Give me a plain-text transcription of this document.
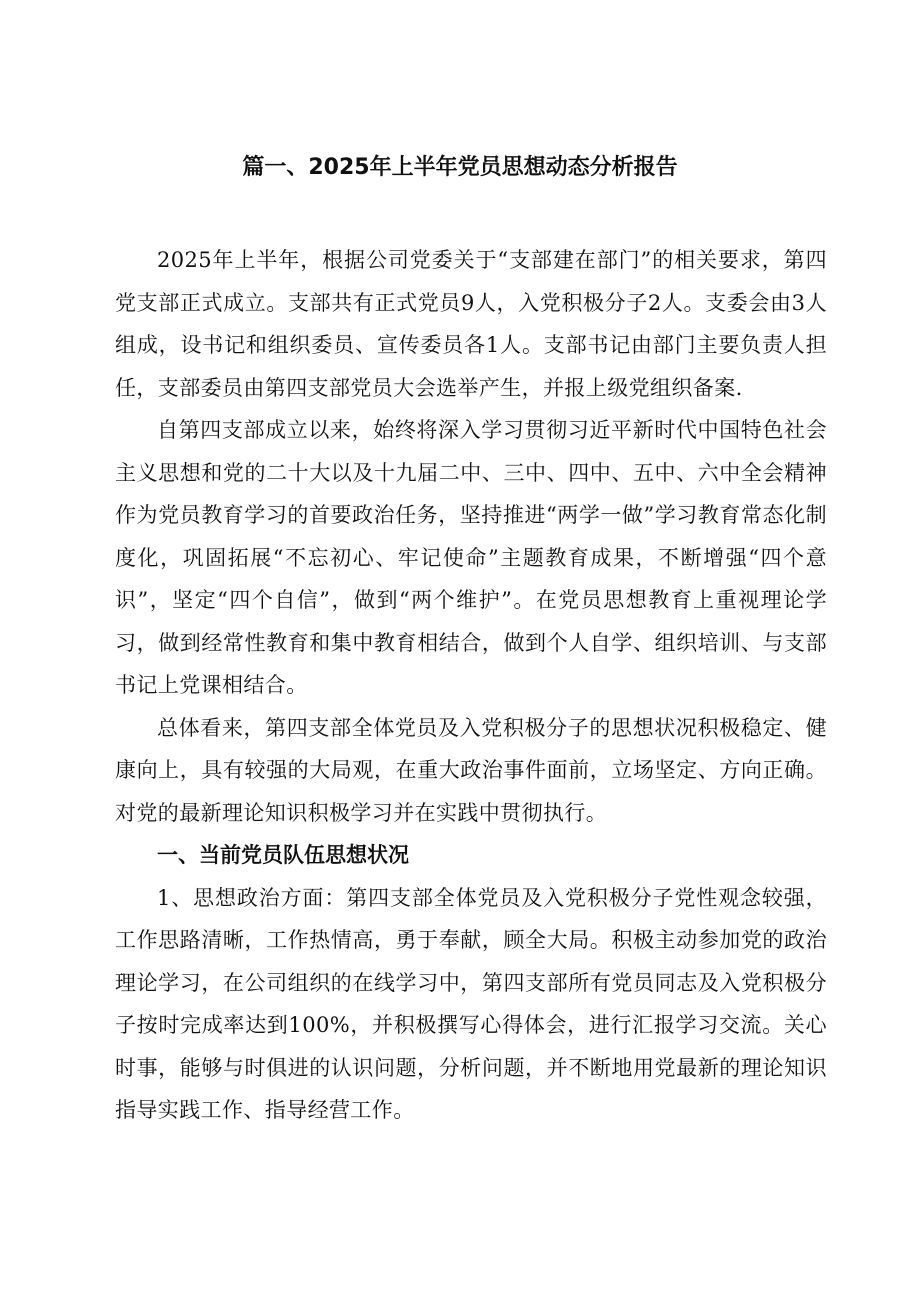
篇一、2025年上半年党员思想动态分析报告

2025年上半年，根据公司党委关于“支部建在部门”的相关要求，第四党支部正式成立。支部共有正式党员9人，入党积极分子2人。支委会由3人组成，设书记和组织委员、宣传委员各1人。支部书记由部门主要负责人担任，支部委员由第四支部党员大会选举产生，并报上级党组织备案.

自第四支部成立以来，始终将深入学习贯彻习近平新时代中国特色社会主义思想和党的二十大以及十九届二中、三中、四中、五中、六中全会精神作为党员教育学习的首要政治任务，坚持推进“两学一做”学习教育常态化制度化，巩固拓展“不忘初心、牢记使命”主题教育成果，不断增强“四个意识”，坚定“四个自信”，做到“两个维护”。在党员思想教育上重视理论学习，做到经常性教育和集中教育相结合，做到个人自学、组织培训、与支部书记上党课相结合。

总体看来，第四支部全体党员及入党积极分子的思想状况积极稳定、健康向上，具有较强的大局观，在重大政治事件面前，立场坚定、方向正确。对党的最新理论知识积极学习并在实践中贯彻执行。

一、当前党员队伍思想状况

1、思想政治方面：第四支部全体党员及入党积极分子党性观念较强，工作思路清晰，工作热情高，勇于奉献，顾全大局。积极主动参加党的政治理论学习，在公司组织的在线学习中，第四支部所有党员同志及入党积极分子按时完成率达到100%，并积极撰写心得体会，进行汇报学习交流。关心时事，能够与时俱进的认识问题，分析问题，并不断地用党最新的理论知识指导实践工作、指导经营工作。
